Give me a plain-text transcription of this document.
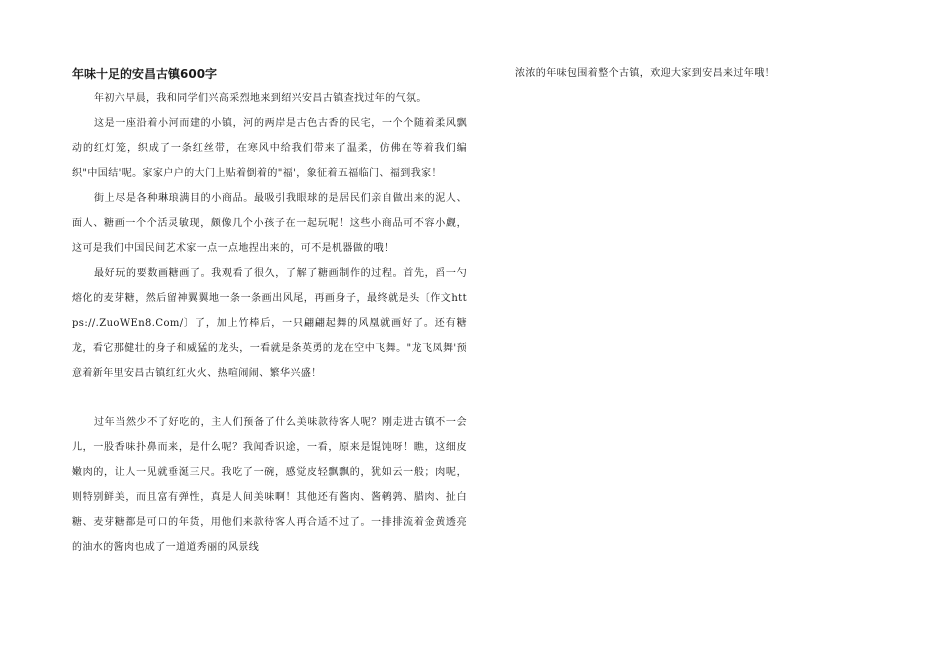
年味十足的安昌古镇600字

年初六早晨，我和同学们兴高采烈地来到绍兴安昌古镇查找过年的气氛。

这是一座沿着小河而建的小镇，河的两岸是古色古香的民宅，一个个随着柔风飘动的红灯笼，织成了一条红丝带，在寒风中给我们带来了温柔，仿佛在等着我们编织"中国结'呢。家家户户的大门上贴着倒着的"福'，象征着五福临门、福到我家！

街上尽是各种琳琅满目的小商品。最吸引我眼球的是居民们亲自做出来的泥人、面人、糖画一个个活灵敏现，颇像几个小孩子在一起玩呢！这些小商品可不容小觑，这可是我们中国民间艺术家一点一点地捏出来的，可不是机器做的哦！

最好玩的要数画糖画了。我观看了很久，了解了糖画制作的过程。首先，舀一勺熔化的麦芽糖，然后留神翼翼地一条一条画出风尾，再画身子，最终就是头〔作文https://.ZuoWEn8.Com/〕了，加上竹棒后，一只翩翩起舞的风凰就画好了。还有糖龙，看它那健壮的身子和威猛的龙头，一看就是条英勇的龙在空中飞舞。"龙飞凤舞'预意着新年里安昌古镇红红火火、热喧闹闹、繁华兴盛！

过年当然少不了好吃的，主人们预备了什么美味款待客人呢？刚走进古镇不一会儿，一股香味扑鼻而来，是什么呢？我闻香识途，一看，原来是馄饨呀！瞧，这细皮嫩肉的，让人一见就垂涎三尺。我吃了一碗，感觉皮轻飘飘的，犹如云一般；肉呢，则特别鲜美，而且富有弹性，真是人间美味啊！其他还有酱肉、酱鹌鹑、腊肉、扯白糖、麦芽糖都是可口的年货，用他们来款待客人再合适不过了。一排排流着金黄透亮的油水的酱肉也成了一道道秀丽的风景线

浓浓的年味包围着整个古镇，欢迎大家到安昌来过年哦！
